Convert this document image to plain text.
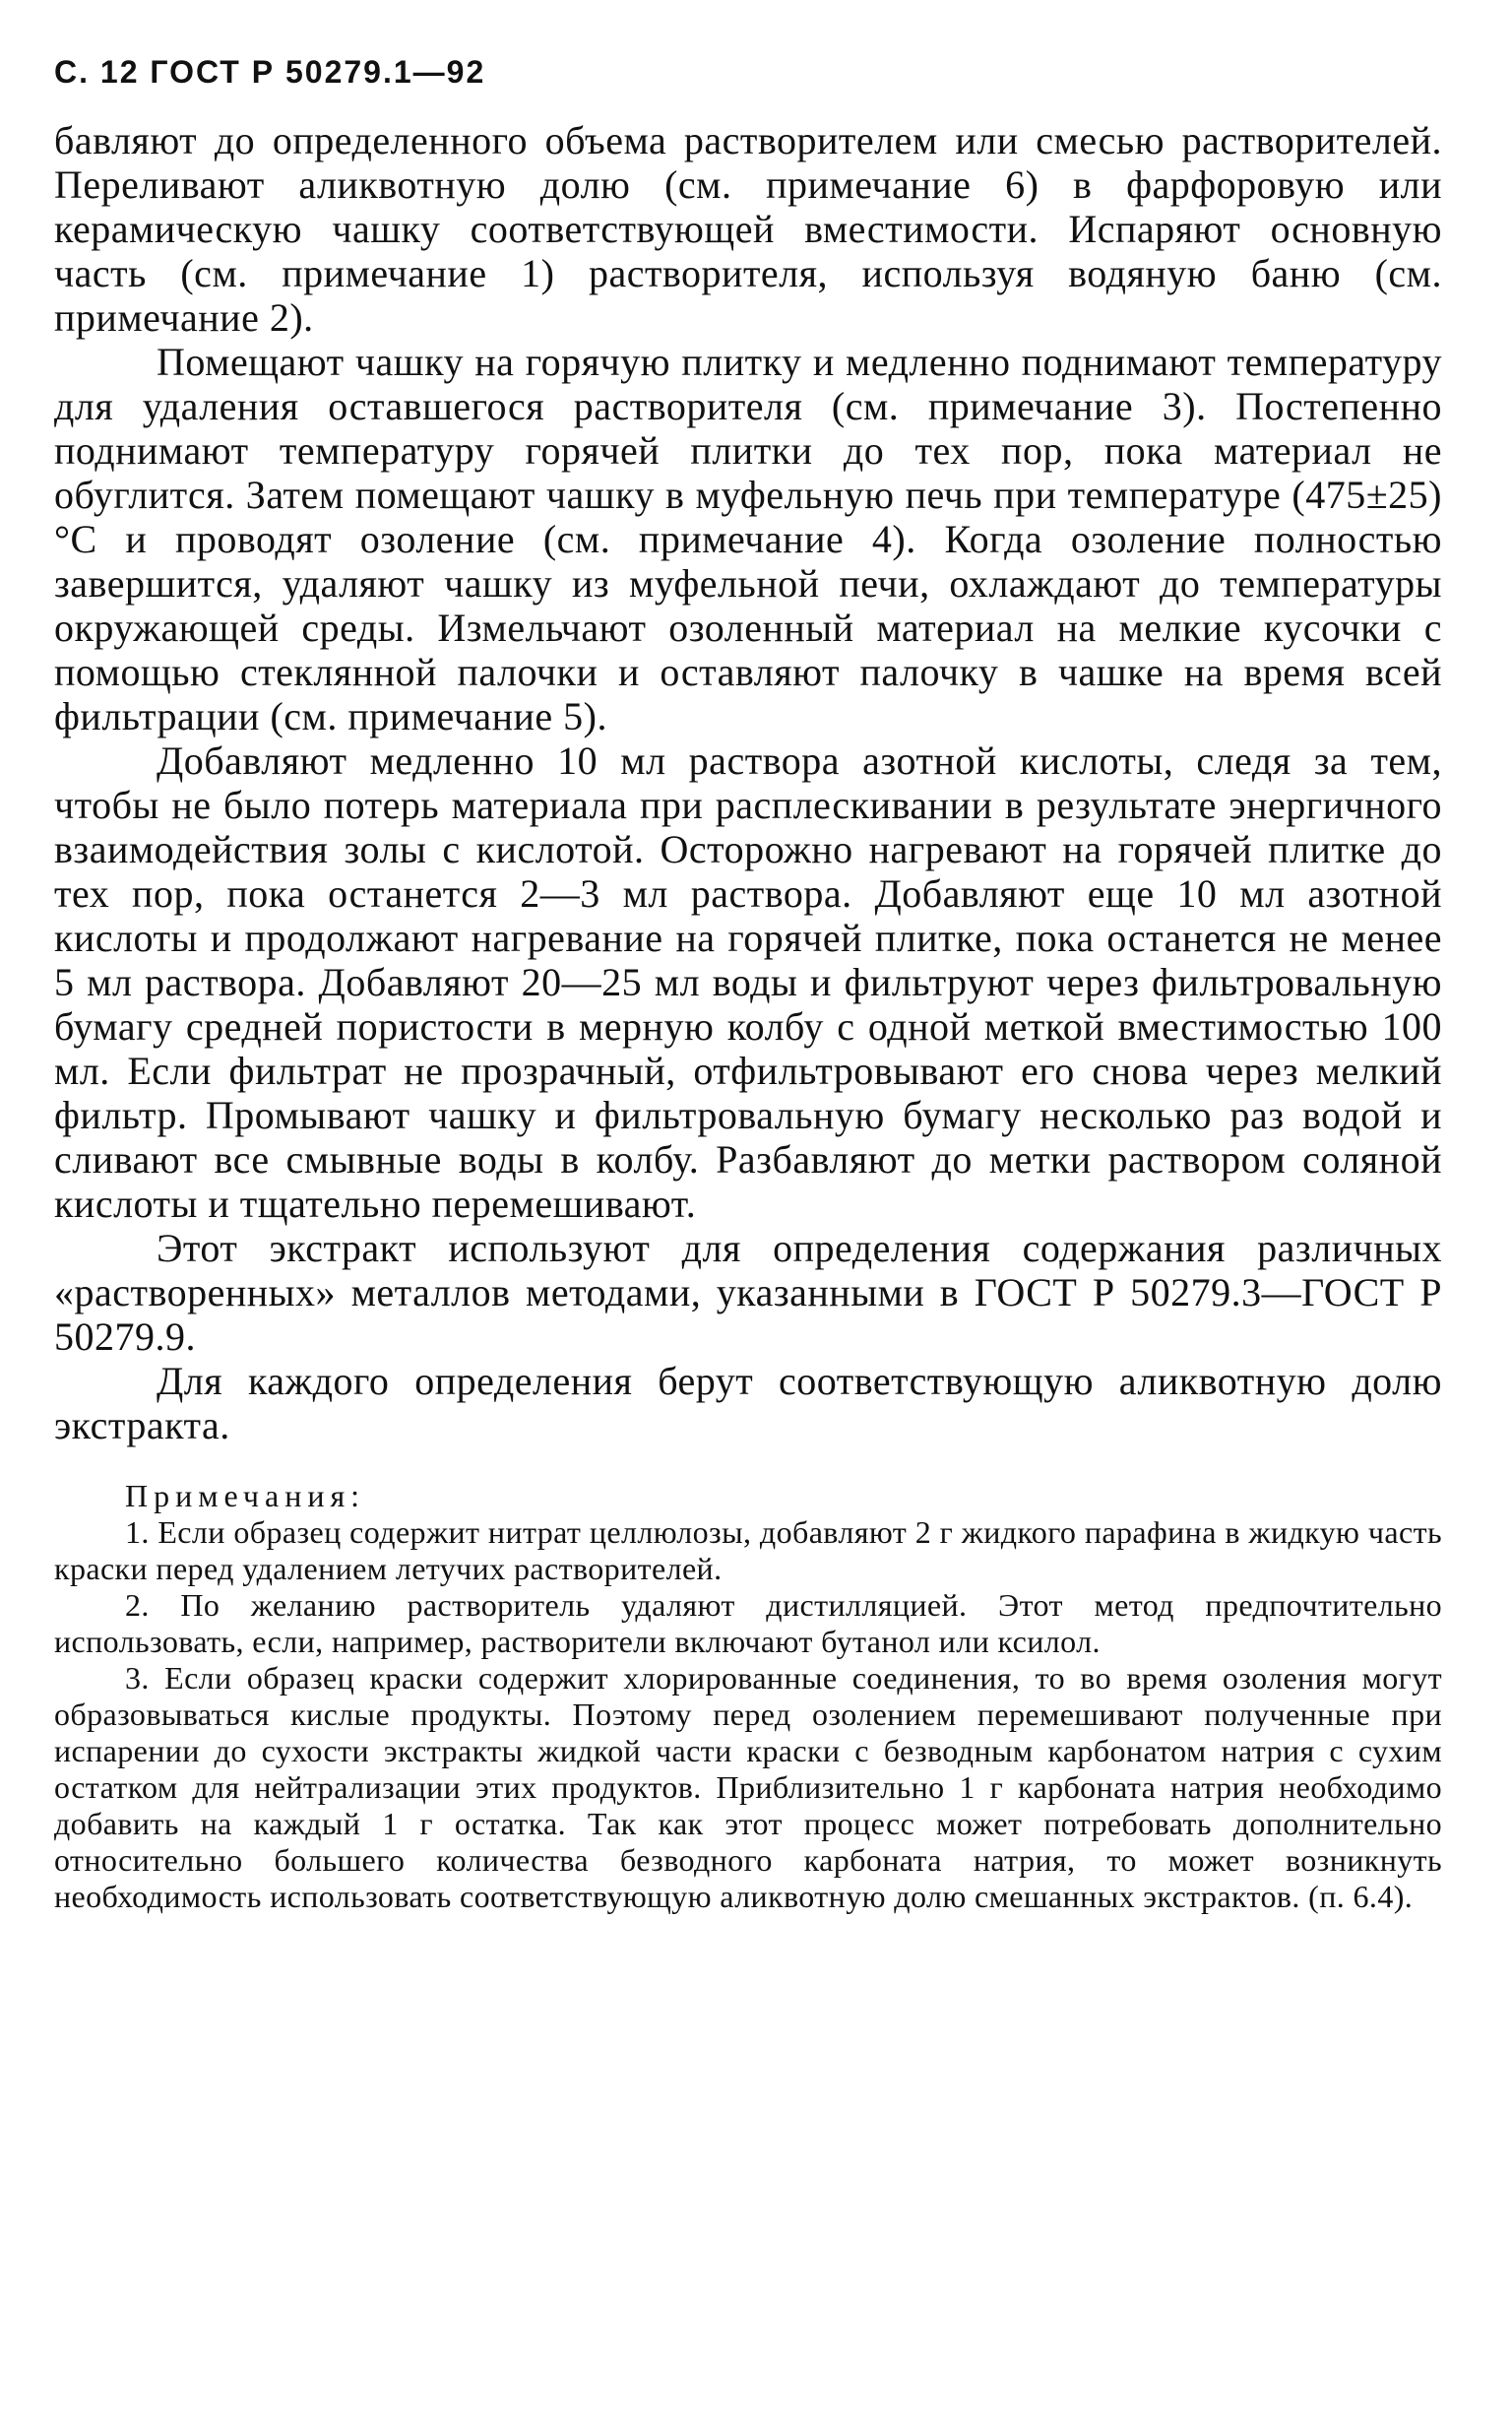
С. 12 ГОСТ Р 50279.1—92

бавляют до определенного объема растворителем или смесью растворителей. Переливают аликвотную долю (см. примечание 6) в фарфоровую или керамическую чашку соответствующей вместимости. Испаряют основную часть (см. примечание 1) растворителя, используя водяную баню (см. примечание 2).

Помещают чашку на горячую плитку и медленно поднимают температуру для удаления оставшегося растворителя (см. примечание 3). Постепенно поднимают температуру горячей плитки до тех пор, пока материал не обуглится. Затем помещают чашку в муфельную печь при температуре (475±25)°С и проводят озоление (см. примечание 4). Когда озоление полностью завершится, удаляют чашку из муфельной печи, охлаждают до температуры окружающей среды. Измельчают озоленный материал на мелкие кусочки с помощью стеклянной палочки и оставляют палочку в чашке на время всей фильтрации (см. примечание 5).

Добавляют медленно 10 мл раствора азотной кислоты, следя за тем, чтобы не было потерь материала при расплескивании в результате энергичного взаимодействия золы с кислотой. Осторожно нагревают на горячей плитке до тех пор, пока останется 2—3 мл раствора. Добавляют еще 10 мл азотной кислоты и продолжают нагревание на горячей плитке, пока останется не менее 5 мл раствора. Добавляют 20—25 мл воды и фильтруют через фильтровальную бумагу средней пористости в мерную колбу с одной меткой вместимостью 100 мл. Если фильтрат не прозрачный, отфильтровывают его снова через мелкий фильтр. Промывают чашку и фильтровальную бумагу несколько раз водой и сливают все смывные воды в колбу. Разбавляют до метки раствором соляной кислоты и тщательно перемешивают.

Этот экстракт используют для определения содержания различных «растворенных» металлов методами, указанными в ГОСТ Р 50279.3—ГОСТ Р 50279.9.

Для каждого определения берут соответствующую аликвотную долю экстракта.

Примечания:

1. Если образец содержит нитрат целлюлозы, добавляют 2 г жидкого парафина в жидкую часть краски перед удалением летучих растворителей.

2. По желанию растворитель удаляют дистилляцией. Этот метод предпочтительно использовать, если, например, растворители включают бутанол или ксилол.

3. Если образец краски содержит хлорированные соединения, то во время озоления могут образовываться кислые продукты. Поэтому перед озолением перемешивают полученные при испарении до сухости экстракты жидкой части краски с безводным карбонатом натрия с сухим остатком для нейтрализации этих продуктов. Приблизительно 1 г карбоната натрия необходимо добавить на каждый 1 г остатка. Так как этот процесс может потребовать дополнительно относительно большего количества безводного карбоната натрия, то может возникнуть необходимость использовать соответствующую аликвотную долю смешанных экстрактов. (п. 6.4).
